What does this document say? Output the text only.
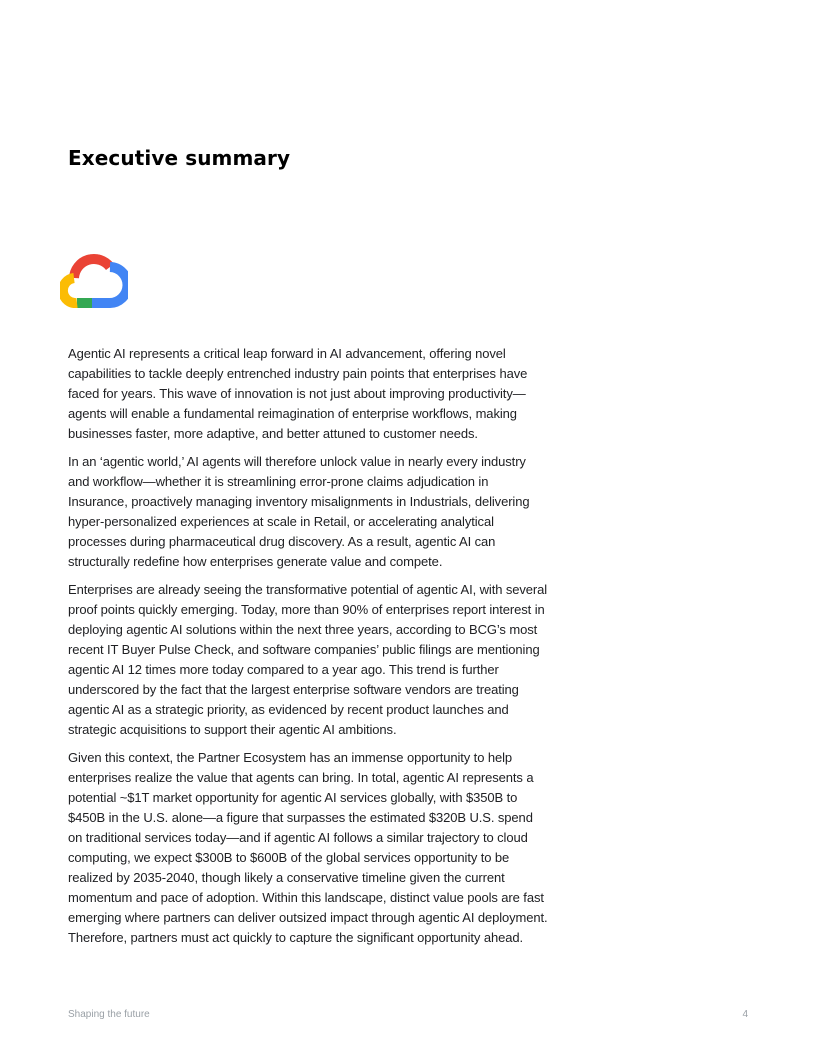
Executive summary

Agentic AI represents a critical leap forward in AI advancement, offering novel capabilities to tackle deeply entrenched industry pain points that enterprises have faced for years. This wave of innovation is not just about improving productivity—agents will enable a fundamental reimagination of enterprise workflows, making businesses faster, more adaptive, and better attuned to customer needs.

In an ‘agentic world,’ AI agents will therefore unlock value in nearly every industry and workflow—whether it is streamlining error-prone claims adjudication in Insurance, proactively managing inventory misalignments in Industrials, delivering hyper-personalized experiences at scale in Retail, or accelerating analytical processes during pharmaceutical drug discovery. As a result, agentic AI can structurally redefine how enterprises generate value and compete.

Enterprises are already seeing the transformative potential of agentic AI, with several proof points quickly emerging. Today, more than 90% of enterprises report interest in deploying agentic AI solutions within the next three years, according to BCG’s most recent IT Buyer Pulse Check, and software companies’ public filings are mentioning agentic AI 12 times more today compared to a year ago. This trend is further underscored by the fact that the largest enterprise software vendors are treating agentic AI as a strategic priority, as evidenced by recent product launches and strategic acquisitions to support their agentic AI ambitions.

Given this context, the Partner Ecosystem has an immense opportunity to help enterprises realize the value that agents can bring. In total, agentic AI represents a potential ~$1T market opportunity for agentic AI services globally, with $350B to $450B in the U.S. alone—a figure that surpasses the estimated $320B U.S. spend on traditional services today—and if agentic AI follows a similar trajectory to cloud computing, we expect $300B to $600B of the global services opportunity to be realized by 2035-2040, though likely a conservative timeline given the current momentum and pace of adoption. Within this landscape, distinct value pools are fast emerging where partners can deliver outsized impact through agentic AI deployment. Therefore, partners must act quickly to capture the significant opportunity ahead.

Shaping the future	4
